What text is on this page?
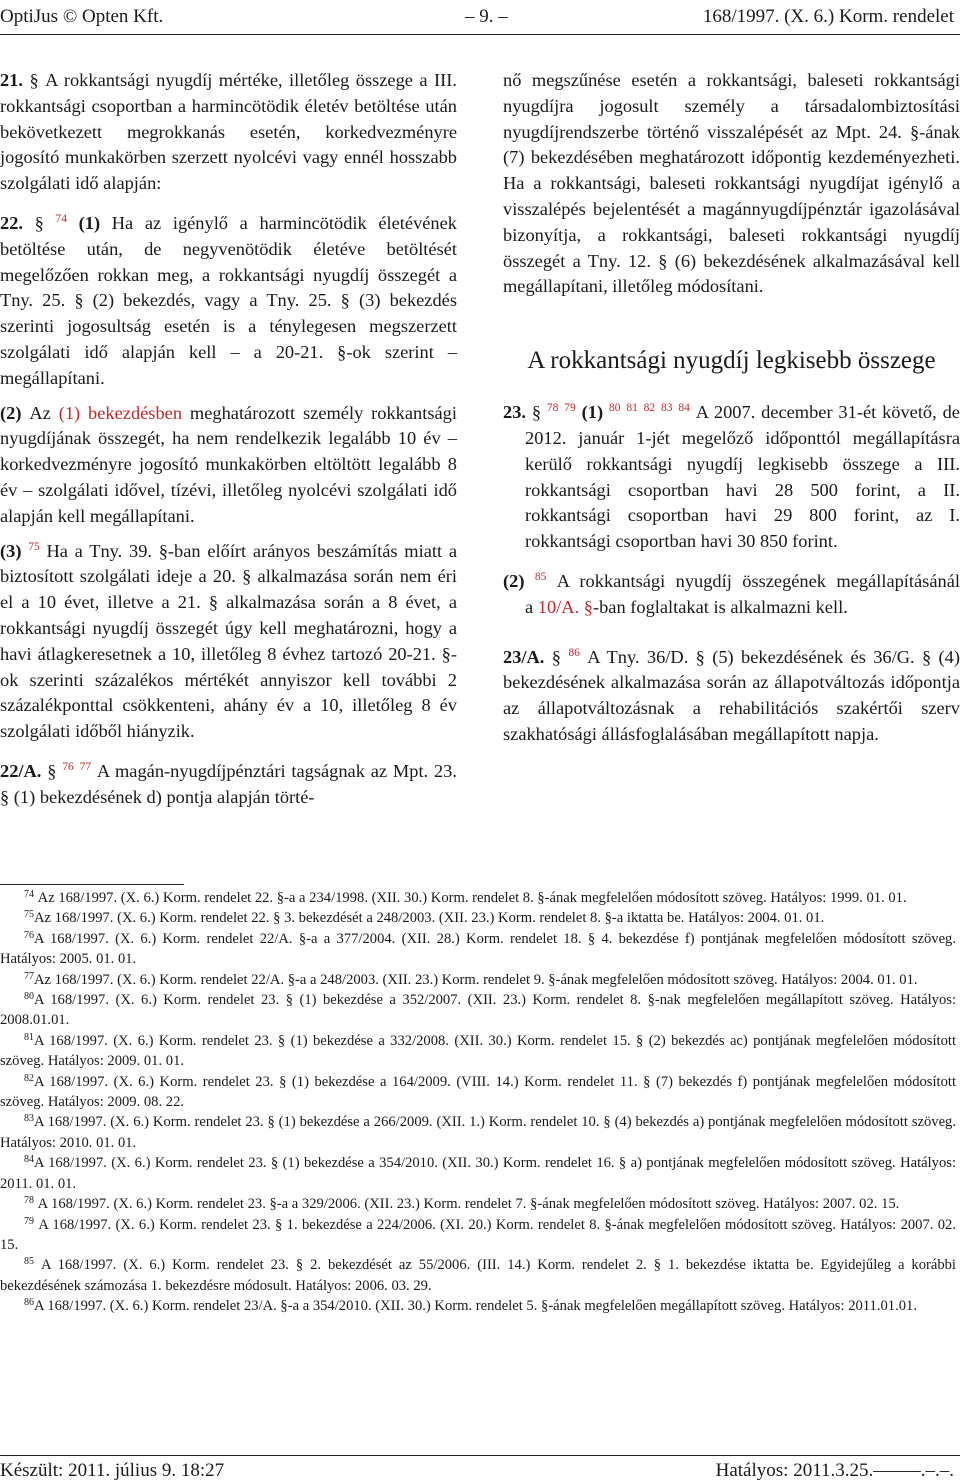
OptiJus © Opten Kft.	– 9. –	168/1997. (X. 6.) Korm. rendelet

21. § A rokkantsági nyugdíj mértéke, illetőleg összege a III. rokkantsági csoportban a harmincötödik életév betöltése után bekövetkezett megrokkanás esetén, korkedvezményre jogosító munkakörben szerzett nyolcévi vagy ennél hosszabb szolgálati idő alapján:

22. § $^{74}$ (1) Ha az igénylő a harmincötödik életévének betöltése után, de negyvenötödik életéve betöltését megelőzően rokkan meg, a rokkantsági nyugdíj összegét a Tny. 25. § (2) bekezdés, vagy a Tny. 25. § (3) bekezdés szerinti jogosultság esetén is a ténylegesen megszerzett szolgálati idő alapján kell – a 20-21. §-ok szerint – megállapítani.

(2) Az (1) bekezdésben meghatározott személy rokkantsági nyugdíjának összegét, ha nem rendelkezik legalább 10 év – korkedvezményre jogosító munkakörben eltöltött legalább 8 év – szolgálati idővel, tízévi, illetőleg nyolcévi szolgálati idő alapján kell megállapítani.

(3) $^{75}$ Ha a Tny. 39. §-ban előírt arányos beszámítás miatt a biztosított szolgálati ideje a 20. § alkalmazása során nem éri el a 10 évet, illetve a 21. § alkalmazása során a 8 évet, a rokkantsági nyugdíj összegét úgy kell meghatározni, hogy a havi átlagkeresetnek a 10, illetőleg 8 évhez tartozó 20-21. §-ok szerinti százalékos mértékét annyiszor kell további 2 százalékponttal csökkenteni, ahány év a 10, illetőleg 8 év szolgálati időből hiányzik.

22/A. § $^{76}$ $^{77}$ A magán-nyugdíjpénztári tagságnak az Mpt. 23. § (1) bekezdésének d) pontja alapján törté-

nő megszűnése esetén a rokkantsági, baleseti rokkantsági nyugdíjra jogosult személy a társadalombiztosítási nyugdíjrendszerbe történő visszalépését az Mpt. 24. §-ának (7) bekezdésében meghatározott időpontig kezdeményezheti. Ha a rokkantsági, baleseti rokkantsági nyugdíjat igénylő a visszalépés bejelentését a magánnyugdíjpénztár igazolásával bizonyítja, a rokkantsági, baleseti rokkantsági nyugdíj összegét a Tny. 12. § (6) bekezdésének alkalmazásával kell megállapítani, illetőleg módosítani.

A rokkantsági nyugdíj legkisebb összege

23. § $^{78}$ $^{79}$ (1) $^{80}$ $^{81}$ $^{82}$ $^{83}$ $^{84}$ A 2007. december 31-ét követő, de 2012. január 1-jét megelőző időponttól megállapításra kerülő rokkantsági nyugdíj legkisebb összege a III. rokkantsági csoportban havi 28 500 forint, a II. rokkantsági csoportban havi 29 800 forint, az I. rokkantsági csoportban havi 30 850 forint.

(2) $^{85}$ A rokkantsági nyugdíj összegének megállapításánál a 10/A. §-ban foglaltakat is alkalmazni kell.

23/A. § $^{86}$ A Tny. 36/D. § (5) bekezdésének és 36/G. § (4) bekezdésének alkalmazása során az állapotváltozás időpontja az állapotváltozásnak a rehabilitációs szakértői szerv szakhatósági állásfoglalásában megállapított napja.

$^{74}$ Az 168/1997. (X. 6.) Korm. rendelet 22. §-a a 234/1998. (XII. 30.) Korm. rendelet 8. §-ának megfelelően módosított szöveg. Hatályos: 1999. 01. 01.

$^{75}$Az 168/1997. (X. 6.) Korm. rendelet 22. § 3. bekezdését a 248/2003. (XII. 23.) Korm. rendelet 8. §-a iktatta be. Hatályos: 2004. 01. 01.

$^{76}$A 168/1997. (X. 6.) Korm. rendelet 22/A. §-a a 377/2004. (XII. 28.) Korm. rendelet 18. § 4. bekezdése f) pontjának megfelelően módosított szöveg. Hatályos: 2005. 01. 01.

$^{77}$Az 168/1997. (X. 6.) Korm. rendelet 22/A. §-a a 248/2003. (XII. 23.) Korm. rendelet 9. §-ának megfelelően módosított szöveg. Hatályos: 2004. 01. 01.

$^{80}$A 168/1997. (X. 6.) Korm. rendelet 23. § (1) bekezdése a 352/2007. (XII. 23.) Korm. rendelet 8. §-nak megfelelően megállapított szöveg. Hatályos: 2008.01.01.

$^{81}$A 168/1997. (X. 6.) Korm. rendelet 23. § (1) bekezdése a 332/2008. (XII. 30.) Korm. rendelet 15. § (2) bekezdés ac) pontjának megfelelően módosított szöveg. Hatályos: 2009. 01. 01.

$^{82}$A 168/1997. (X. 6.) Korm. rendelet 23. § (1) bekezdése a 164/2009. (VIII. 14.) Korm. rendelet 11. § (7) bekezdés f) pontjának megfelelően módosított szöveg. Hatályos: 2009. 08. 22.

$^{83}$A 168/1997. (X. 6.) Korm. rendelet 23. § (1) bekezdése a 266/2009. (XII. 1.) Korm. rendelet 10. § (4) bekezdés a) pontjának megfelelően módosított szöveg. Hatályos: 2010. 01. 01.

$^{84}$A 168/1997. (X. 6.) Korm. rendelet 23. § (1) bekezdése a 354/2010. (XII. 30.) Korm. rendelet 16. § a) pontjának megfelelően módosított szöveg. Hatályos: 2011. 01. 01.

$^{78}$ A 168/1997. (X. 6.) Korm. rendelet 23. §-a a 329/2006. (XII. 23.) Korm. rendelet 7. §-ának megfelelően módosított szöveg. Hatályos: 2007. 02. 15.

$^{79}$ A 168/1997. (X. 6.) Korm. rendelet 23. § 1. bekezdése a 224/2006. (XI. 20.) Korm. rendelet 8. §-ának megfelelően módosított szöveg. Hatályos: 2007. 02. 15.

$^{85}$ A 168/1997. (X. 6.) Korm. rendelet 23. § 2. bekezdését az 55/2006. (III. 14.) Korm. rendelet 2. § 1. bekezdése iktatta be. Egyidejűleg a korábbi bekezdésének számozása 1. bekezdésre módosult. Hatályos: 2006. 03. 29.

$^{86}$A 168/1997. (X. 6.) Korm. rendelet 23/A. §-a a 354/2010. (XII. 30.) Korm. rendelet 5. §-ának megfelelően megállapított szöveg. Hatályos: 2011.01.01.

Készült: 2011. július 9. 18:27	Hatályos: 2011.3.25.–––––.–.–.
